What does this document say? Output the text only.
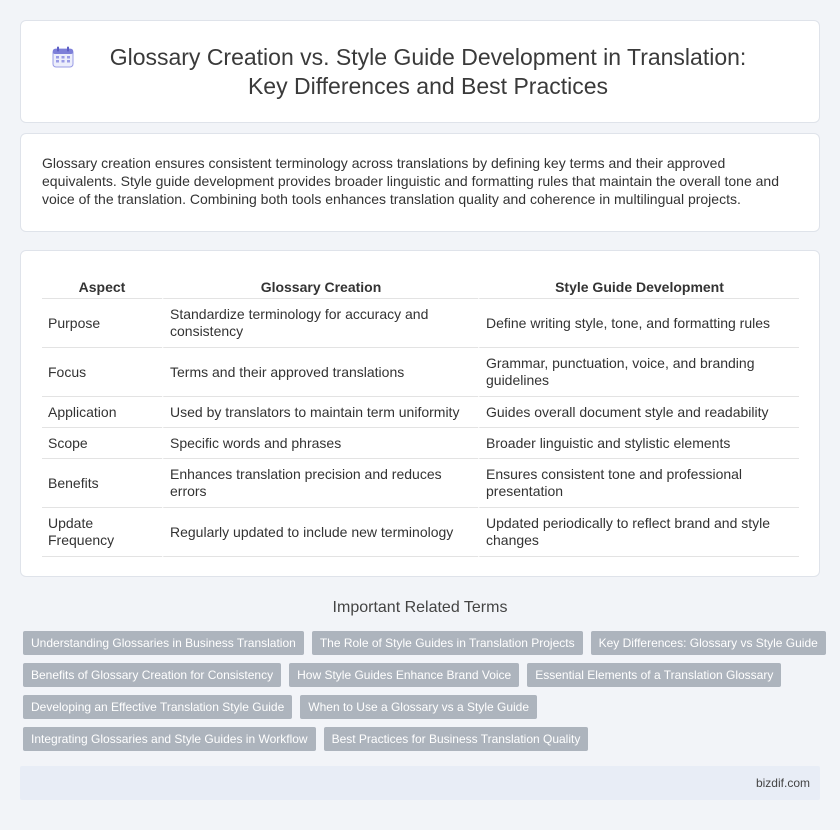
Glossary Creation vs. Style Guide Development in Translation: Key Differences and Best Practices

Glossary creation ensures consistent terminology across translations by defining key terms and their approved equivalents. Style guide development provides broader linguistic and formatting rules that maintain the overall tone and voice of the translation. Combining both tools enhances translation quality and coherence in multilingual projects.

Aspect	Glossary Creation	Style Guide Development
Purpose	Standardize terminology for accuracy and consistency	Define writing style, tone, and formatting rules
Focus	Terms and their approved translations	Grammar, punctuation, voice, and branding guidelines
Application	Used by translators to maintain term uniformity	Guides overall document style and readability
Scope	Specific words and phrases	Broader linguistic and stylistic elements
Benefits	Enhances translation precision and reduces errors	Ensures consistent tone and professional presentation
Update Frequency	Regularly updated to include new terminology	Updated periodically to reflect brand and style changes
Important Related Terms
Understanding Glossaries in Business Translation	The Role of Style Guides in Translation Projects	Key Differences: Glossary vs Style Guide
Benefits of Glossary Creation for Consistency	How Style Guides Enhance Brand Voice	Essential Elements of a Translation Glossary
Developing an Effective Translation Style Guide	When to Use a Glossary vs a Style Guide
Integrating Glossaries and Style Guides in Workflow	Best Practices for Business Translation Quality
bizdif.com
